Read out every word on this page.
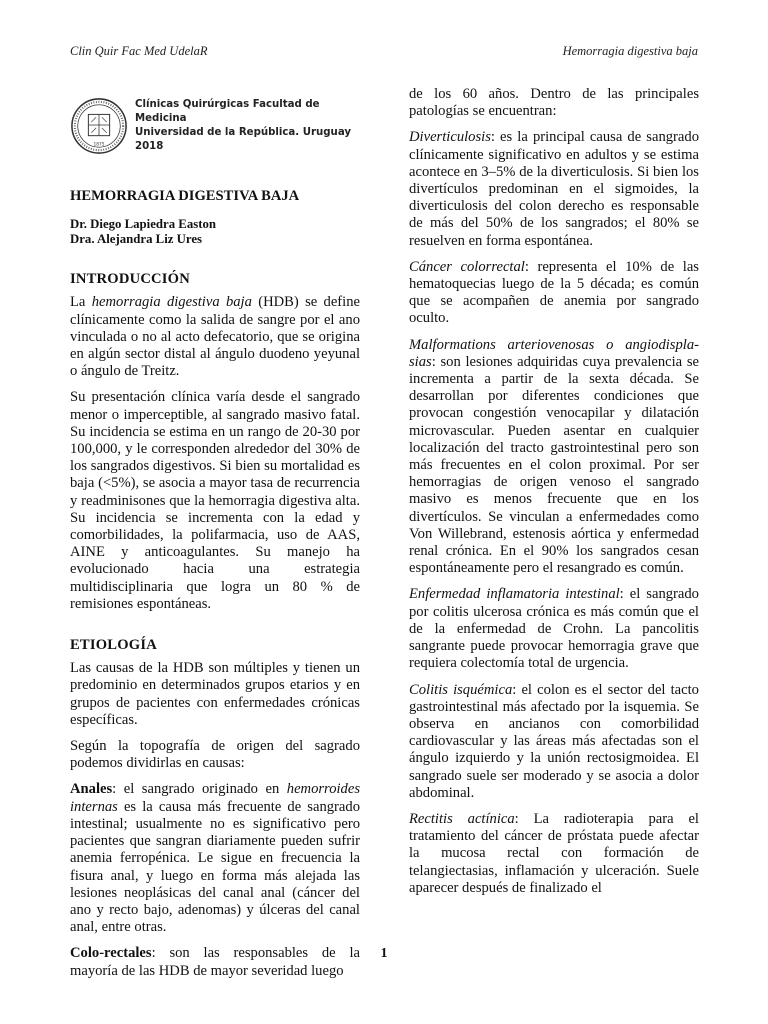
Clin Quir Fac Med UdelaR	Hemorragia digestiva baja
1875
Clínicas Quirúrgicas Facultad de Medicina
Universidad de la República. Uruguay 2018
HEMORRAGIA DIGESTIVA BAJA
Dr. Diego Lapiedra Easton
Dra. Alejandra Liz Ures
INTRODUCCIÓN

La hemorragia digestiva baja (HDB) se define clínicamente como la salida de sangre por el ano vinculada o no al acto defecatorio, que se origina en algún sector distal al ángulo duodeno yeyunal o ángulo de Treitz.

Su presentación clínica varía desde el sangrado menor o imperceptible, al sangrado masivo fatal. Su incidencia se estima en un rango de 20-30 por 100,000, y le corresponden alrededor del 30% de los sangrados digestivos. Si bien su mortalidad es baja (<5%), se asocia a mayor tasa de recurrencia y readminisones que la hemorragia digestiva alta. Su incidencia se incrementa con la edad y comorbilidades, la polifarmacia, uso de AAS, AINE y anticoagulantes. Su manejo ha evolucionado hacia una estrategia multidisciplinaria que logra un 80 % de remisiones espontáneas.

ETIOLOGÍA

Las causas de la HDB son múltiples y tienen un predominio en determinados grupos etarios y en grupos de pacientes con enfermedades crónicas específicas.

Según la topografía de origen del sagrado podemos dividirlas en causas:

Anales: el sangrado originado en hemorroides internas es la causa más frecuente de sangrado intestinal; usualmente no es significativo pero pacientes que sangran diariamente pueden sufrir anemia ferropénica. Le sigue en frecuencia la fisura anal, y luego en forma más alejada las lesiones neoplásicas del canal anal (cáncer del ano y recto bajo, adenomas) y úlceras del canal anal, entre otras.

Colo-rectales: son las responsables de la mayoría de las HDB de mayor severidad luego

de los 60 años. Dentro de las principales patologías se encuentran:

Diverticulosis: es la principal causa de sangrado clínicamente significativo en adultos y se estima acontece en 3–5% de la diverticulosis. Si bien los divertículos predominan en el sigmoides, la diverticulosis del colon derecho es responsable de más del 50% de los sangrados; el 80% se resuelven en forma espontánea.

Cáncer colorrectal: representa el 10% de las hematoquecias luego de la 5 década; es común que se acompañen de anemia por sangrado oculto.

Malformations arteriovenosas o angiodispla-sias: son lesiones adquiridas cuya prevalencia se incrementa a partir de la sexta década. Se desarrollan por diferentes condiciones que provocan congestión venocapilar y dilatación microvascular. Pueden asentar en cualquier localización del tracto gastrointestinal pero son más frecuentes en el colon proximal. Por ser hemorragias de origen venoso el sangrado masivo es menos frecuente que en los divertículos. Se vinculan a enfermedades como Von Willebrand, estenosis aórtica y enfermedad renal crónica. En el 90% los sangrados cesan espontáneamente pero el resangrado es común.

Enfermedad inflamatoria intestinal: el sangrado por colitis ulcerosa crónica es más común que el de la enfermedad de Crohn. La pancolitis sangrante puede provocar hemorragia grave que requiera colectomía total de urgencia.

Colitis isquémica: el colon es el sector del tacto gastrointestinal más afectado por la isquemia. Se observa en ancianos con comorbilidad cardiovascular y las áreas más afectadas son el ángulo izquierdo y la unión rectosigmoidea. El sangrado suele ser moderado y se asocia a dolor abdominal.

Rectitis actínica: La radioterapia para el tratamiento del cáncer de próstata puede afectar la mucosa rectal con formación de telangiectasias, inflamación y ulceración. Suele aparecer después de finalizado el

1
